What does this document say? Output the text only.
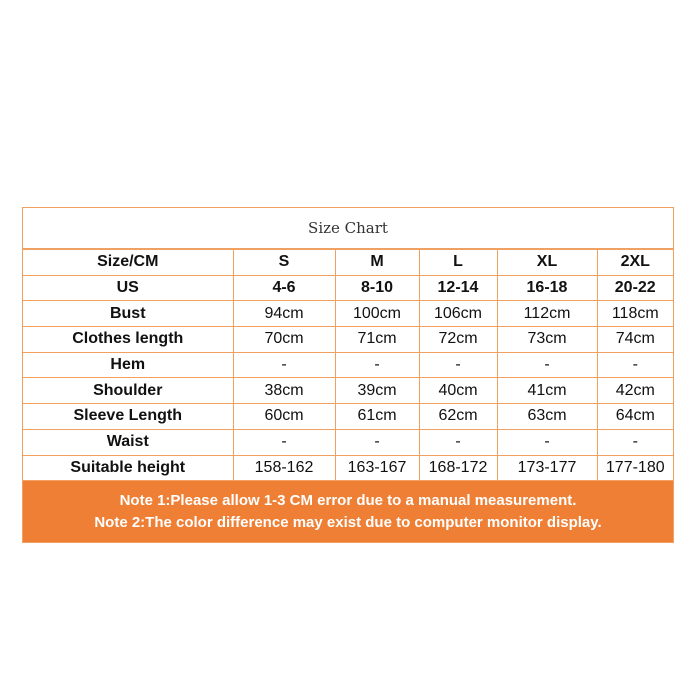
Size Chart
Size/CM	S	M	L	XL	2XL
US	4-6	8-10	12-14	16-18	20-22
Bust	94cm	100cm	106cm	112cm	118cm
Clothes length	70cm	71cm	72cm	73cm	74cm
Hem	-	-	-	-	-
Shoulder	38cm	39cm	40cm	41cm	42cm
Sleeve Length	60cm	61cm	62cm	63cm	64cm
Waist	-	-	-	-	-
Suitable height	158-162	163-167	168-172	173-177	177-180
Note 1:Please allow 1-3 CM error due to a manual measurement.
Note 2:The color difference may exist due to computer monitor display.
